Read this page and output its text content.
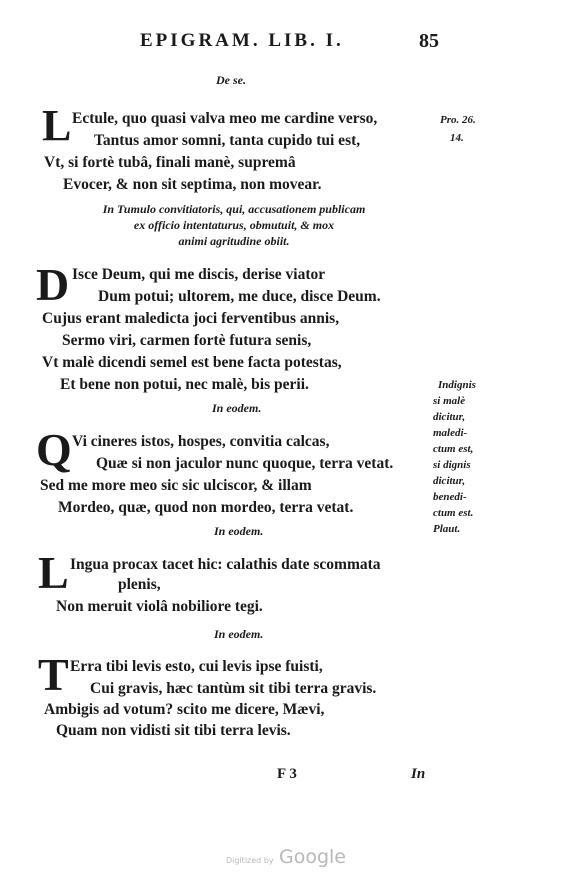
EPIGRAM. LIB. I.	85
De se.
L Ectule, quo quasi valva meo me cardine verso,
Tantus amor somni, tanta cupido tui est,
Vt, si fortè tubâ, finali manè, supremâ
Evocer, & non sit septima, non movear.
Pro. 26.
14.
In Tumulo convitiatoris, qui, accusationem publicam
ex officio intentaturus, obmutuit, & mox
animi agritudine obiit.
D Isce Deum, qui me discis, derise viator
Dum potui; ultorem, me duce, disce Deum.
Cujus erant maledicta joci ferventibus annis,
Sermo viri, carmen fortè futura senis,
Vt malè dicendi semel est bene facta potestas,
Et bene non potui, nec malè, bis perii.
In eodem.
Q Vi cineres istos, hospes, convitia calcas,
Quæ si non jaculor nunc quoque, terra vetat.
Sed me more meo sic sic ulciscor, & illam
Mordeo, quæ, quod non mordeo, terra vetat.
Indignis
si malè
dicitur,
maledi-
ctum est,
si dignis
dicitur,
benedi-
ctum est.
Plaut.
In eodem.
L Ingua procax tacet hic: calathis date scommata
plenis,
Non meruit violâ nobiliore tegi.
In eodem.
T Erra tibi levis esto, cui levis ipse fuisti,
Cui gravis, hæc tantùm sit tibi terra gravis.
Ambigis ad votum? scito me dicere, Mævi,
Quam non vidisti sit tibi terra levis.
F 3	In
Digitized by Google
